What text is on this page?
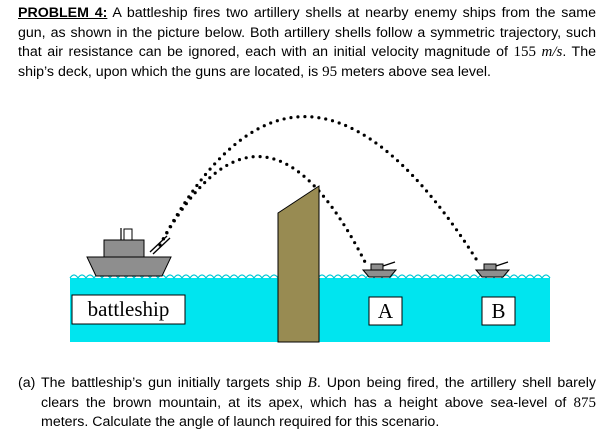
PROBLEM 4: A battleship fires two artillery shells at nearby enemy ships from the same gun, as shown in the picture below. Both artillery shells follow a symmetric trajectory, such that air resistance can be ignored, each with an initial velocity magnitude of 155 m/s. The ship’s deck, upon which the guns are located, is 95 meters above sea level.
battleship	A	B
(a) The battleship’s gun initially targets ship B. Upon being fired, the artillery shell barely clears the brown mountain, at its apex, which has a height above sea-level of 875 meters. Calculate the angle of launch required for this scenario.
